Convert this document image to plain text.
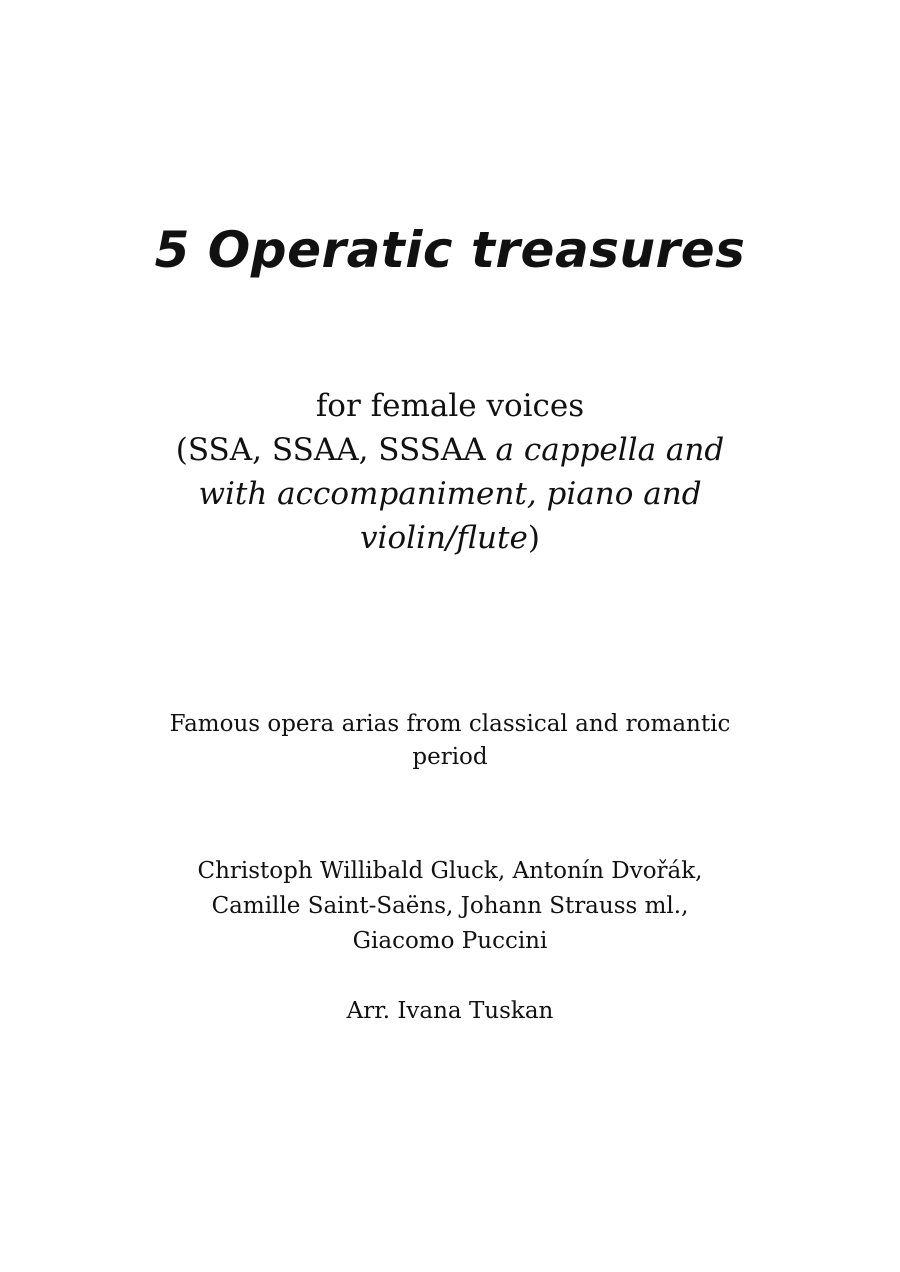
5 Operatic treasures
for female voices
(SSA, SSAA, SSSAA a cappella and
with accompaniment, piano and
violin/flute)
Famous opera arias from classical and romantic
period
Christoph Willibald Gluck, Antonín Dvořák,
Camille Saint-Saëns, Johann Strauss ml.,
Giacomo Puccini
Arr. Ivana Tuskan
